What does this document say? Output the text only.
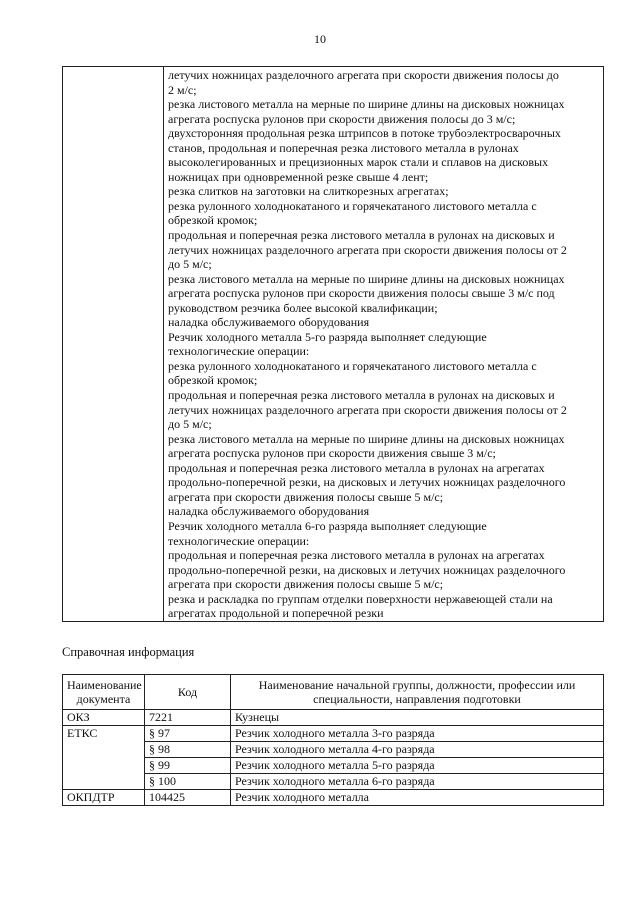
10

летучих ножницах разделочного агрегата при скорости движения полосы до
2 м/с;
резка листового металла на мерные по ширине длины на дисковых ножницах
агрегата роспуска рулонов при скорости движения полосы до 3 м/с;
двухсторонняя продольная резка штрипсов в потоке трубоэлектросварочных
станов, продольная и поперечная резка листового металла в рулонах
высоколегированных и прецизионных марок стали и сплавов на дисковых
ножницах при одновременной резке свыше 4 лент;
резка слитков на заготовки на слиткорезных агрегатах;
резка рулонного холоднокатаного и горячекатаного листового металла с
обрезкой кромок;
продольная и поперечная резка листового металла в рулонах на дисковых и
летучих ножницах разделочного агрегата при скорости движения полосы от 2
до 5 м/с;
резка листового металла на мерные по ширине длины на дисковых ножницах
агрегата роспуска рулонов при скорости движения полосы свыше 3 м/с под
руководством резчика более высокой квалификации;
наладка обслуживаемого оборудования
Резчик холодного металла 5-го разряда выполняет следующие
технологические операции:
резка рулонного холоднокатаного и горячекатаного листового металла с
обрезкой кромок;
продольная и поперечная резка листового металла в рулонах на дисковых и
летучих ножницах разделочного агрегата при скорости движения полосы от 2
до 5 м/с;
резка листового металла на мерные по ширине длины на дисковых ножницах
агрегата роспуска рулонов при скорости движения свыше 3 м/с;
продольная и поперечная резка листового металла в рулонах на агрегатах
продольно-поперечной резки, на дисковых и летучих ножницах разделочного
агрегата при скорости движения полосы свыше 5 м/с;
наладка обслуживаемого оборудования
Резчик холодного металла 6-го разряда выполняет следующие
технологические операции:
продольная и поперечная резка листового металла в рулонах на агрегатах
продольно-поперечной резки, на дисковых и летучих ножницах разделочного
агрегата при скорости движения полосы свыше 5 м/с;
резка и раскладка по группам отделки поверхности нержавеющей стали на
агрегатах продольной и поперечной резки
Справочная информация
Наименование документа	Код	Наименование начальной группы, должности, профессии или специальности, направления подготовки
ОКЗ	7221	Кузнецы
ЕТКС	§ 97	Резчик холодного металла 3-го разряда
	§ 98	Резчик холодного металла 4-го разряда
	§ 99	Резчик холодного металла 5-го разряда
	§ 100	Резчик холодного металла 6-го разряда
ОКПДТР	104425	Резчик холодного металла
